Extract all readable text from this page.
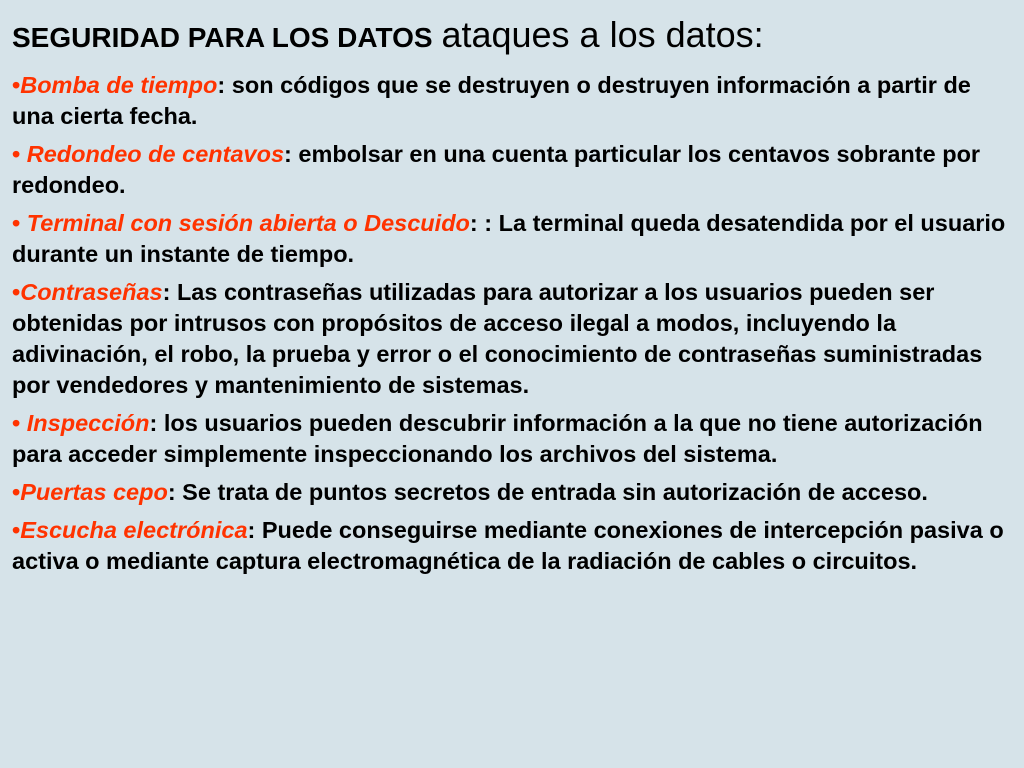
SEGURIDAD PARA LOS DATOS ataques a los datos:
•Bomba de tiempo: son códigos que se destruyen o destruyen información a partir de una cierta fecha.
• Redondeo de centavos: embolsar en una cuenta particular los centavos sobrante por redondeo.
• Terminal con sesión abierta o Descuido: : La terminal queda desatendida por el usuario durante un instante de tiempo.
•Contraseñas: Las contraseñas utilizadas para autorizar a los usuarios pueden ser obtenidas por intrusos con propósitos de acceso ilegal a modos, incluyendo la adivinación, el robo, la prueba y error o el conocimiento de contraseñas suministradas por vendedores y mantenimiento de sistemas.
• Inspección: los usuarios pueden descubrir información a la que no tiene autorización para acceder simplemente inspeccionando los archivos del sistema.
•Puertas cepo: Se trata de puntos secretos de entrada sin autorización de acceso.
•Escucha electrónica: Puede conseguirse mediante conexiones de intercepción pasiva o activa o mediante captura electromagnética de la radiación de cables o circuitos.
